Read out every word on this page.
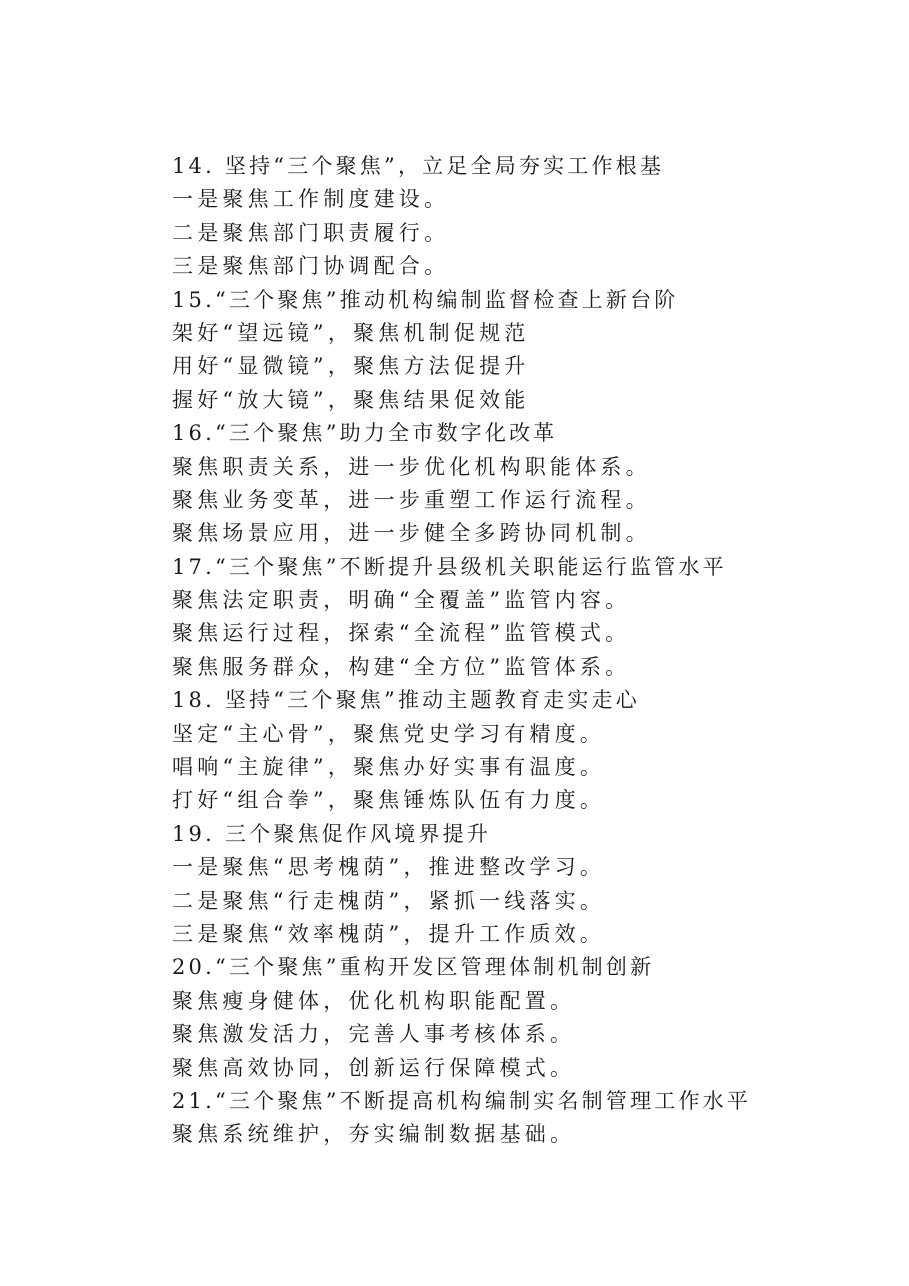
14. 坚持“三个聚焦”，立足全局夯实工作根基
一是聚焦工作制度建设。
二是聚焦部门职责履行。
三是聚焦部门协调配合。
15.“三个聚焦”推动机构编制监督检查上新台阶
架好“望远镜”，聚焦机制促规范
用好“显微镜”，聚焦方法促提升
握好“放大镜”，聚焦结果促效能
16.“三个聚焦”助力全市数字化改革
聚焦职责关系，进一步优化机构职能体系。
聚焦业务变革，进一步重塑工作运行流程。
聚焦场景应用，进一步健全多跨协同机制。
17.“三个聚焦”不断提升县级机关职能运行监管水平
聚焦法定职责，明确“全覆盖”监管内容。
聚焦运行过程，探索“全流程”监管模式。
聚焦服务群众，构建“全方位”监管体系。
18. 坚持“三个聚焦”推动主题教育走实走心
坚定“主心骨”，聚焦党史学习有精度。
唱响“主旋律”，聚焦办好实事有温度。
打好“组合拳”，聚焦锤炼队伍有力度。
19. 三个聚焦促作风境界提升
一是聚焦“思考槐荫”，推进整改学习。
二是聚焦“行走槐荫”，紧抓一线落实。
三是聚焦“效率槐荫”，提升工作质效。
20.“三个聚焦”重构开发区管理体制机制创新
聚焦瘦身健体，优化机构职能配置。
聚焦激发活力，完善人事考核体系。
聚焦高效协同，创新运行保障模式。
21.“三个聚焦”不断提高机构编制实名制管理工作水平
聚焦系统维护，夯实编制数据基础。
